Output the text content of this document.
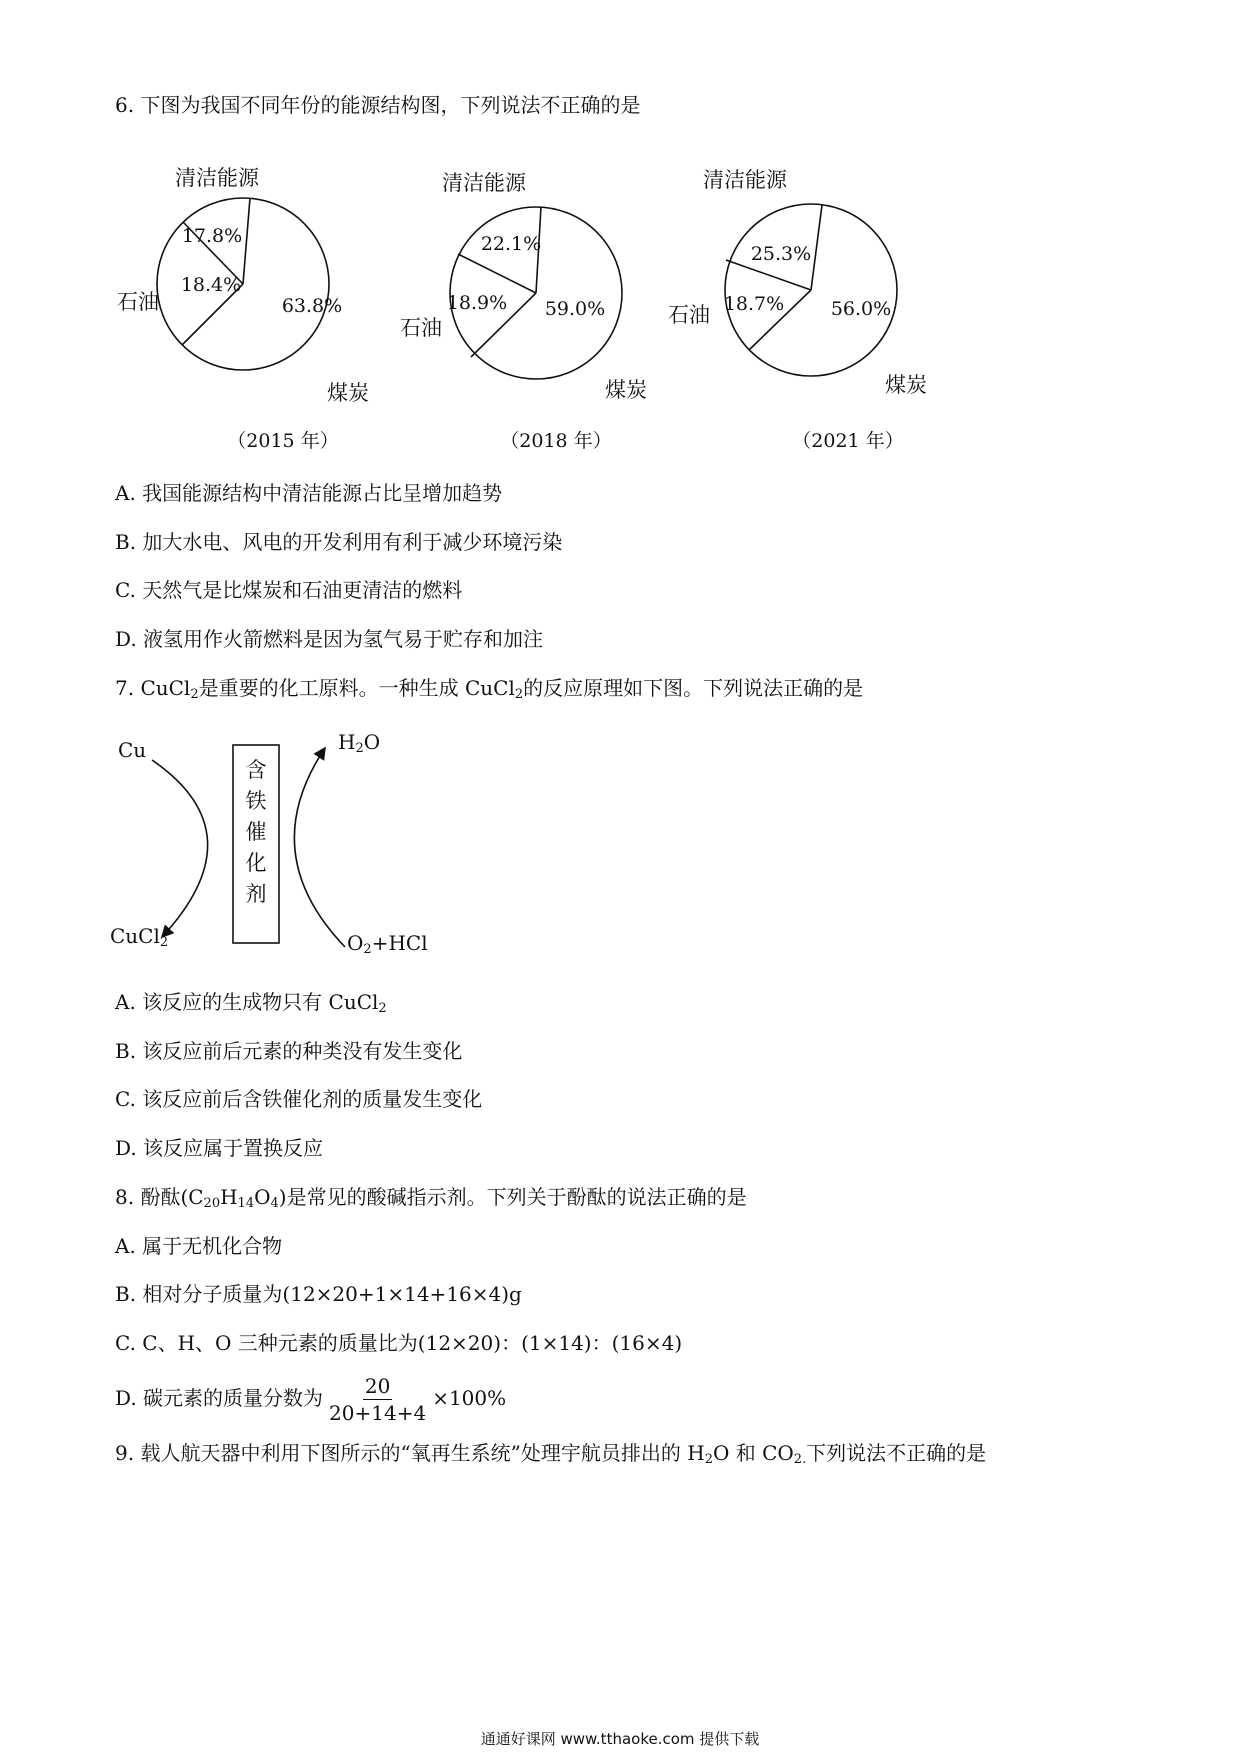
6. 下图为我国不同年份的能源结构图，下列说法不正确的是
清洁能源
17.8%
石油
18.4%
63.8%
煤炭
（2015 年）
清洁能源
22.1%
石油
18.9% 59.0%
煤炭
（2018 年）
清洁能源
25.3%
石油 18.7% 56.0%
煤炭
（2021 年）
A. 我国能源结构中清洁能源占比呈增加趋势
B. 加大水电、风电的开发利用有利于减少环境污染
C. 天然气是比煤炭和石油更清洁的燃料
D. 液氢用作火箭燃料是因为氢气易于贮存和加注
7. CuCl$_2$是重要的化工原料。一种生成 CuCl$_2$的反应原理如下图。下列说法正确的是
含
铁
催
化
剂
Cu	H2O
CuCl2	O2+HCl
A. 该反应的生成物只有 CuCl$_2$
B. 该反应前后元素的种类没有发生变化
C. 该反应前后含铁催化剂的质量发生变化
D. 该反应属于置换反应
8. 酚酞$(C_{20}H_{14}O_4)$是常见的酸碱指示剂。下列关于酚酞的说法正确的是
A. 属于无机化合物
B. 相对分子质量为(12×20+1×14+16×4)g
C. C、H、O 三种元素的质量比为(12×20)：(1×14)：(16×4)
D. 碳元素的质量分数为 $\frac{20}{20+14+4} \times 100\%$
9. 载人航天器中利用下图所示的“氧再生系统”处理宇航员排出的 $H_2O$ 和 $CO_{2.}$下列说法不正确的是
通通好课网 www.tthaoke.com 提供下载
